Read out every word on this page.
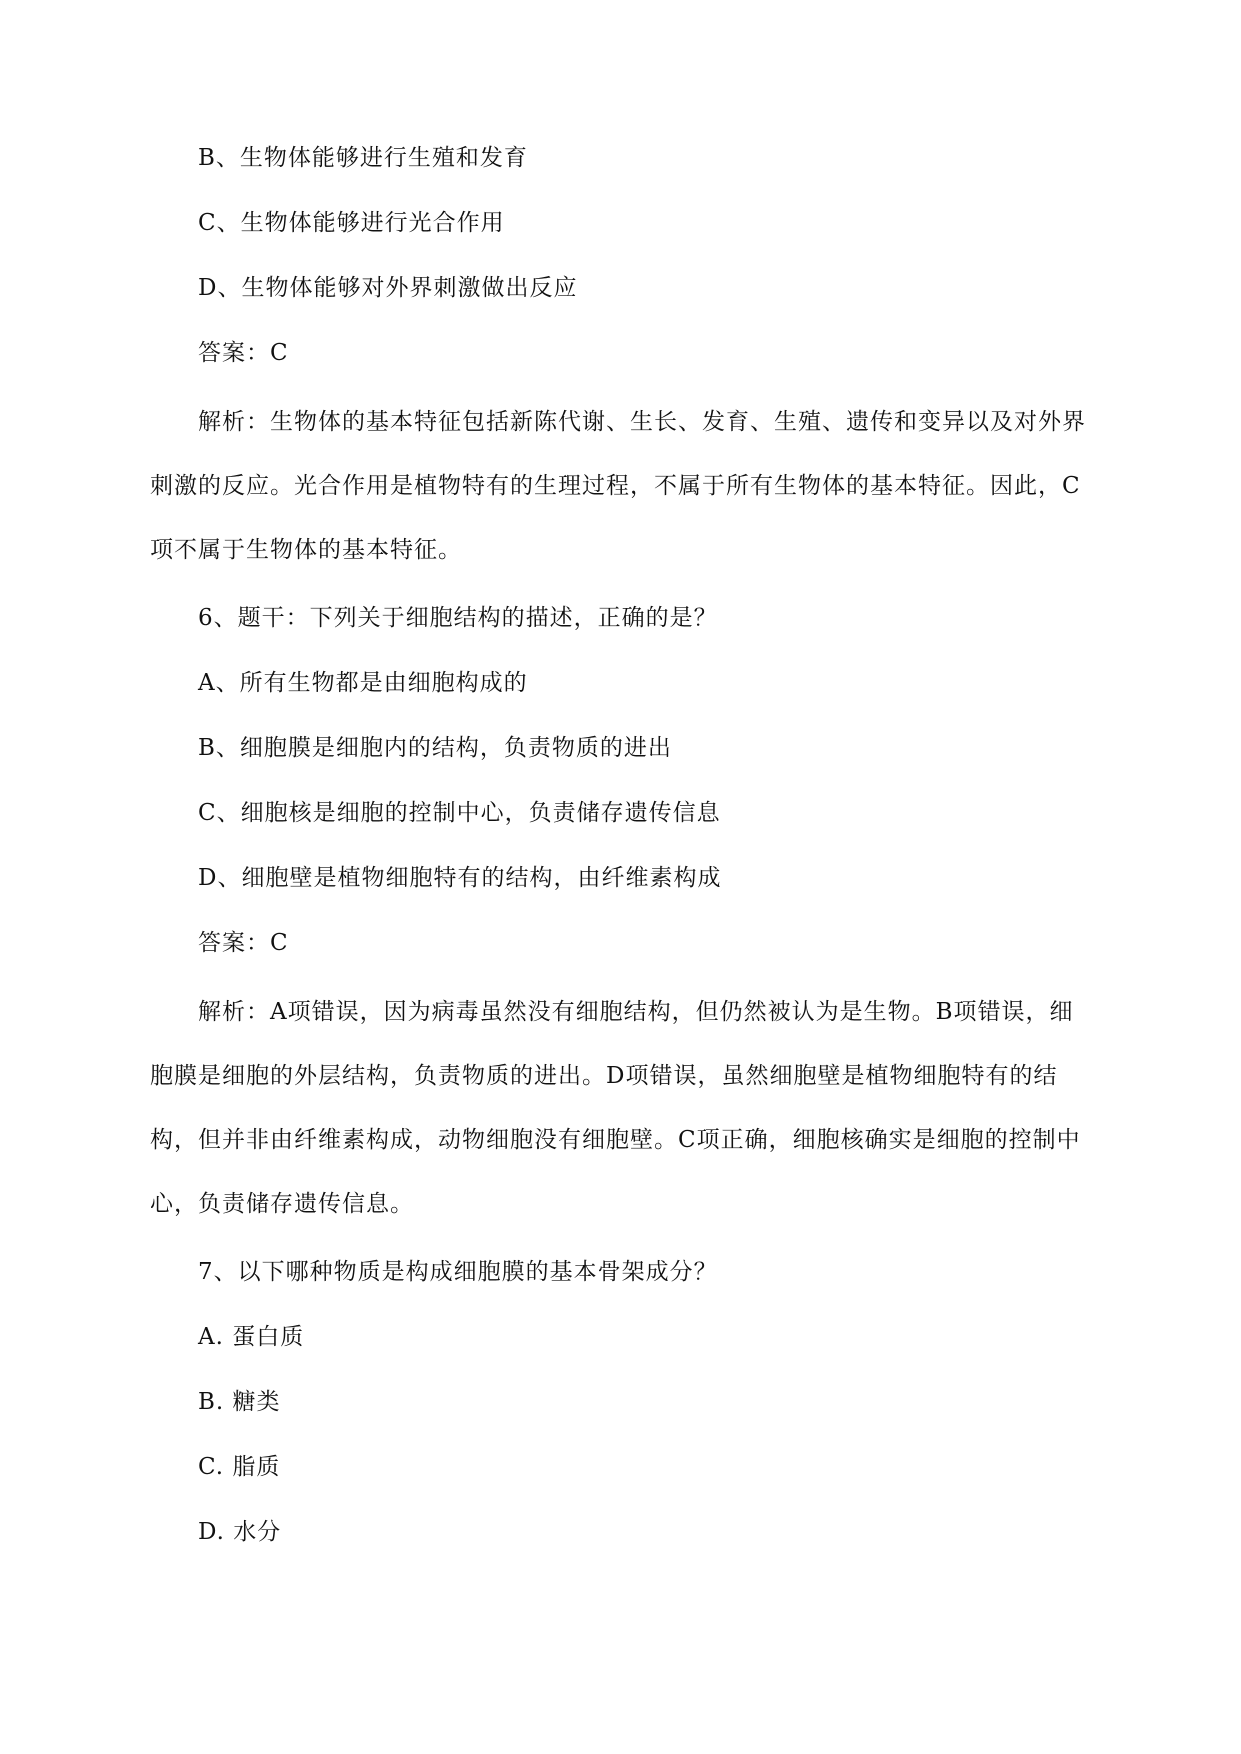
B、生物体能够进行生殖和发育

C、生物体能够进行光合作用

D、生物体能够对外界刺激做出反应

答案：C

解析：生物体的基本特征包括新陈代谢、生长、发育、生殖、遗传和变异以及对外界刺激的反应。光合作用是植物特有的生理过程，不属于所有生物体的基本特征。因此，C项不属于生物体的基本特征。

6、题干：下列关于细胞结构的描述，正确的是？

A、所有生物都是由细胞构成的

B、细胞膜是细胞内的结构，负责物质的进出

C、细胞核是细胞的控制中心，负责储存遗传信息

D、细胞壁是植物细胞特有的结构，由纤维素构成

答案：C

解析：A项错误，因为病毒虽然没有细胞结构，但仍然被认为是生物。B项错误，细胞膜是细胞的外层结构，负责物质的进出。D项错误，虽然细胞壁是植物细胞特有的结构，但并非由纤维素构成，动物细胞没有细胞壁。C项正确，细胞核确实是细胞的控制中心，负责储存遗传信息。

7、以下哪种物质是构成细胞膜的基本骨架成分？

A. 蛋白质

B. 糖类

C. 脂质

D. 水分
